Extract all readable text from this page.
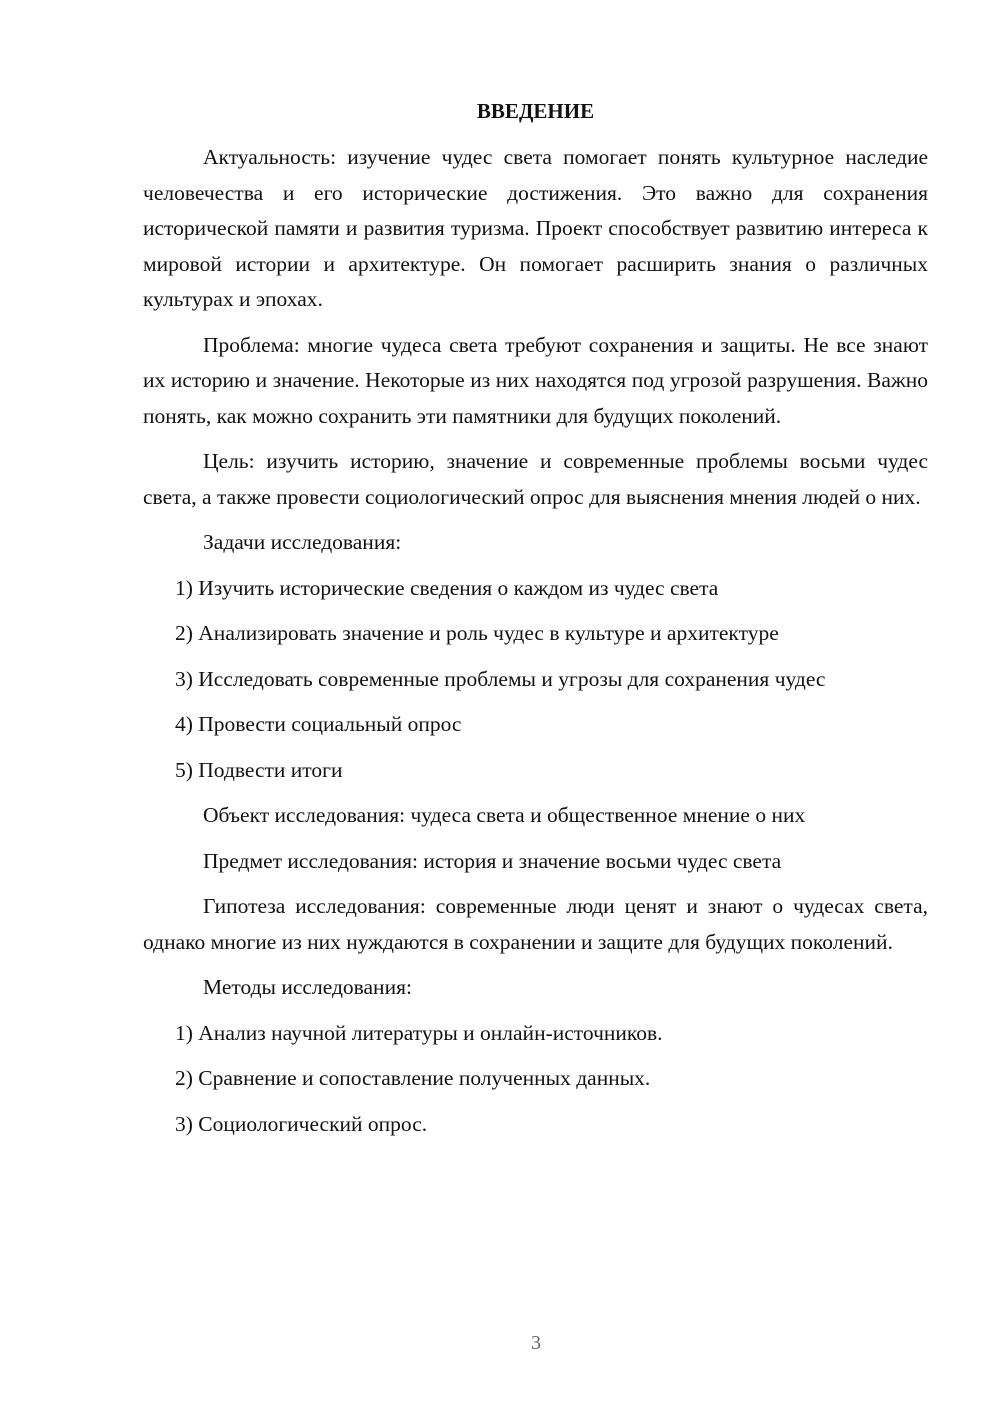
ВВЕДЕНИЕ

Актуальность: изучение чудес света помогает понять культурное наследие человечества и его исторические достижения. Это важно для сохранения исторической памяти и развития туризма. Проект способствует развитию интереса к мировой истории и архитектуре. Он помогает расширить знания о различных культурах и эпохах.

Проблема: многие чудеса света требуют сохранения и защиты. Не все знают их историю и значение. Некоторые из них находятся под угрозой разрушения. Важно понять, как можно сохранить эти памятники для будущих поколений.

Цель: изучить историю, значение и современные проблемы восьми чудес света, а также провести социологический опрос для выяснения мнения людей о них.

Задачи исследования:

1) Изучить исторические сведения о каждом из чудес света

2) Анализировать значение и роль чудес в культуре и архитектуре

3) Исследовать современные проблемы и угрозы для сохранения чудес

4) Провести социальный опрос

5) Подвести итоги

Объект исследования: чудеса света и общественное мнение о них

Предмет исследования: история и значение восьми чудес света

Гипотеза исследования: современные люди ценят и знают о чудесах света, однако многие из них нуждаются в сохранении и защите для будущих поколений.

Методы исследования:

1) Анализ научной литературы и онлайн-источников.

2) Сравнение и сопоставление полученных данных.

3) Социологический опрос.

3
